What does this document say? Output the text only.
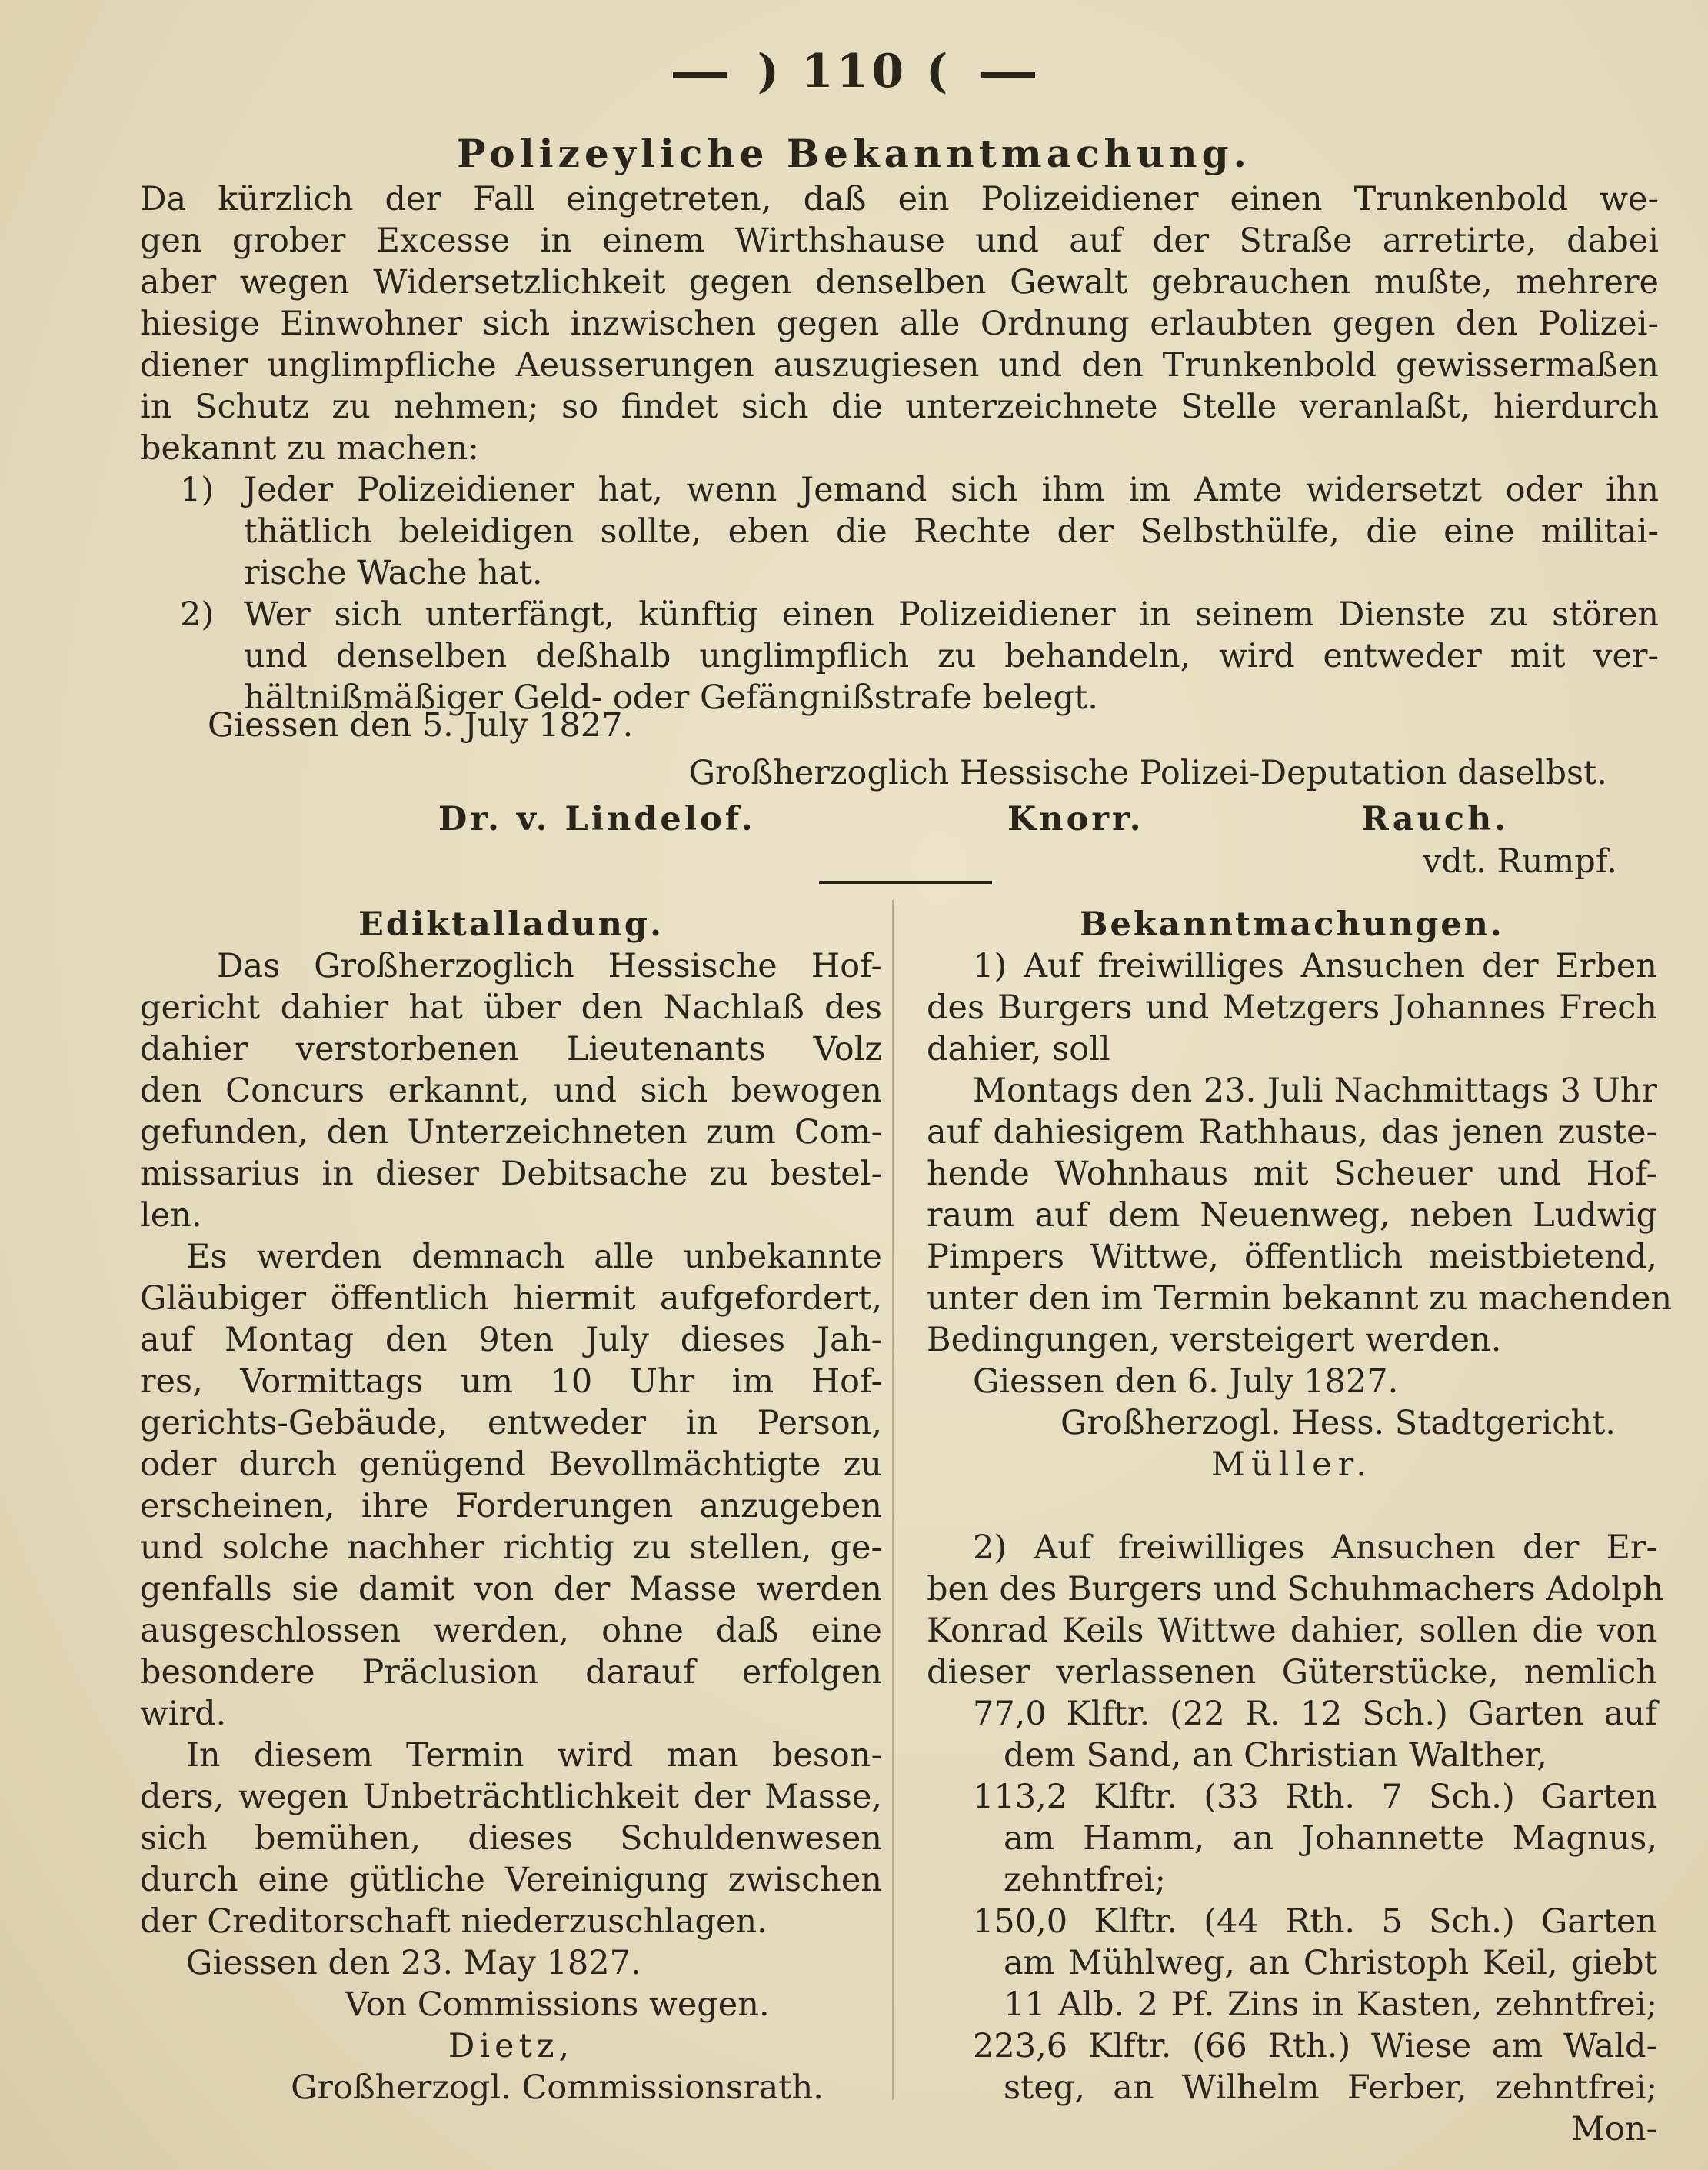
) 110 (
Polizeyliche Bekanntmachung.
Da kürzlich der Fall eingetreten, daß ein Polizeidiener einen Trunkenbold we-
gen grober Excesse in einem Wirthshause und auf der Straße arretirte, dabei
aber wegen Widersetzlichkeit gegen denselben Gewalt gebrauchen mußte, mehrere
hiesige Einwohner sich inzwischen gegen alle Ordnung erlaubten gegen den Polizei-
diener unglimpfliche Aeusserungen auszugiesen und den Trunkenbold gewissermaßen
in Schutz zu nehmen; so findet sich die unterzeichnete Stelle veranlaßt, hierdurch
bekannt zu machen:
1) Jeder Polizeidiener hat, wenn Jemand sich ihm im Amte widersetzt oder ihn
thätlich beleidigen sollte, eben die Rechte der Selbsthülfe, die eine militai-
rische Wache hat.
2) Wer sich unterfängt, künftig einen Polizeidiener in seinem Dienste zu stören
und denselben deßhalb unglimpflich zu behandeln, wird entweder mit ver-
hältnißmäßiger Geld- oder Gefängnißstrafe belegt.
Giessen den 5. July 1827.
Großherzoglich Hessische Polizei-Deputation daselbst.
Dr. v. Lindelof.	Knorr.	Rauch.
vdt. Rumpf.
Ediktalladung.
Das Großherzoglich Hessische Hof-
gericht dahier hat über den Nachlaß des
dahier verstorbenen Lieutenants Volz
den Concurs erkannt, und sich bewogen
gefunden, den Unterzeichneten zum Com-
missarius in dieser Debitsache zu bestel-
len.
Es werden demnach alle unbekannte
Gläubiger öffentlich hiermit aufgefordert,
auf Montag den 9ten July dieses Jah-
res, Vormittags um 10 Uhr im Hof-
gerichts-Gebäude, entweder in Person,
oder durch genügend Bevollmächtigte zu
erscheinen, ihre Forderungen anzugeben
und solche nachher richtig zu stellen, ge-
genfalls sie damit von der Masse werden
ausgeschlossen werden, ohne daß eine
besondere Präclusion darauf erfolgen
wird.
In diesem Termin wird man beson-
ders, wegen Unbeträchtlichkeit der Masse,
sich bemühen, dieses Schuldenwesen
durch eine gütliche Vereinigung zwischen
der Creditorschaft niederzuschlagen.
Giessen den 23. May 1827.
Von Commissions wegen.
Dietz,
Großherzogl. Commissionsrath.
Bekanntmachungen.
1) Auf freiwilliges Ansuchen der Erben
des Burgers und Metzgers Johannes Frech
dahier, soll
Montags den 23. Juli Nachmittags 3 Uhr
auf dahiesigem Rathhaus, das jenen zuste-
hende Wohnhaus mit Scheuer und Hof-
raum auf dem Neuenweg, neben Ludwig
Pimpers Wittwe, öffentlich meistbietend,
unter den im Termin bekannt zu machenden
Bedingungen, versteigert werden.
Giessen den 6. July 1827.
Großherzogl. Hess. Stadtgericht.
Müller.
2) Auf freiwilliges Ansuchen der Er-
ben des Burgers und Schuhmachers Adolph
Konrad Keils Wittwe dahier, sollen die von
dieser verlassenen Güterstücke, nemlich
77,0 Klftr. (22 R. 12 Sch.) Garten auf
dem Sand, an Christian Walther,
113,2 Klftr. (33 Rth. 7 Sch.) Garten
am Hamm, an Johannette Magnus,
zehntfrei;
150,0 Klftr. (44 Rth. 5 Sch.) Garten
am Mühlweg, an Christoph Keil, giebt
11 Alb. 2 Pf. Zins in Kasten, zehntfrei;
223,6 Klftr. (66 Rth.) Wiese am Wald-
steg, an Wilhelm Ferber, zehntfrei;
Mon-
